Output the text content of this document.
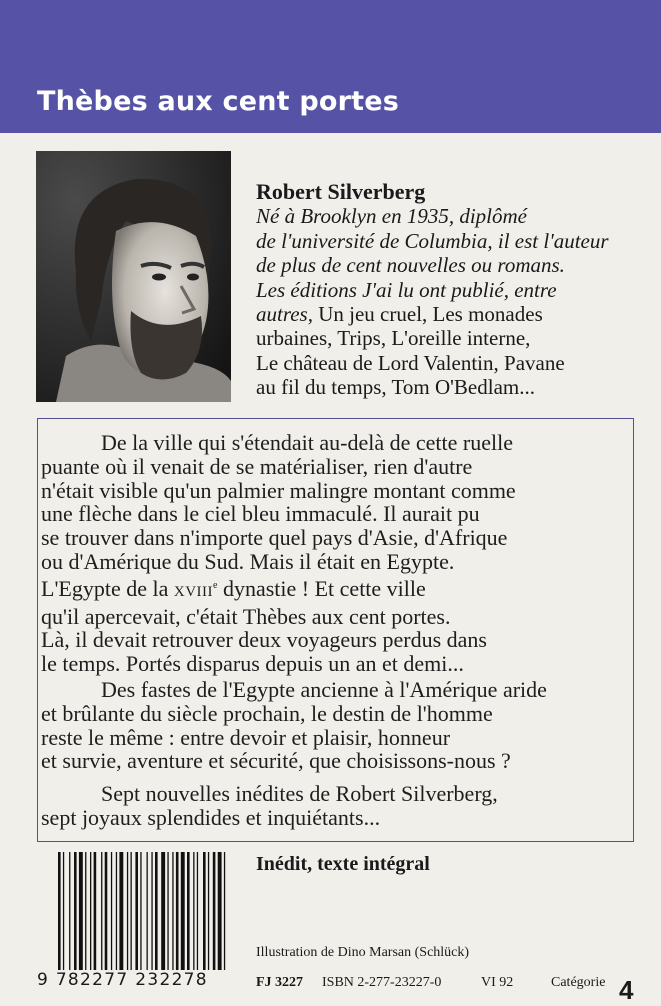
Thèbes aux cent portes
Robert Silverberg
Né à Brooklyn en 1935, diplômé
de l'université de Columbia, il est l'auteur
de plus de cent nouvelles ou romans.
Les éditions J'ai lu ont publié, entre
autres, Un jeu cruel, Les monades
urbaines, Trips, L'oreille interne,
Le château de Lord Valentin, Pavane
au fil du temps, Tom O'Bedlam...
De la ville qui s'étendait au-delà de cette ruelle
puante où il venait de se matérialiser, rien d'autre
n'était visible qu'un palmier malingre montant comme
une flèche dans le ciel bleu immaculé. Il aurait pu
se trouver dans n'importe quel pays d'Asie, d'Afrique
ou d'Amérique du Sud. Mais il était en Egypte.
L'Egypte de la XVIIIe dynastie ! Et cette ville
qu'il apercevait, c'était Thèbes aux cent portes.
Là, il devait retrouver deux voyageurs perdus dans
le temps. Portés disparus depuis un an et demi...
Des fastes de l'Egypte ancienne à l'Amérique aride
et brûlante du siècle prochain, le destin de l'homme
reste le même : entre devoir et plaisir, honneur
et survie, aventure et sécurité, que choisissons-nous ?
Sept nouvelles inédites de Robert Silverberg,
sept joyaux splendides et inquiétants...
9 782277 232278
Inédit, texte intégral
Illustration de Dino Marsan (Schlück)
FJ 3227 ISBN 2-277-23227-0	VI 92	Catégorie 4
